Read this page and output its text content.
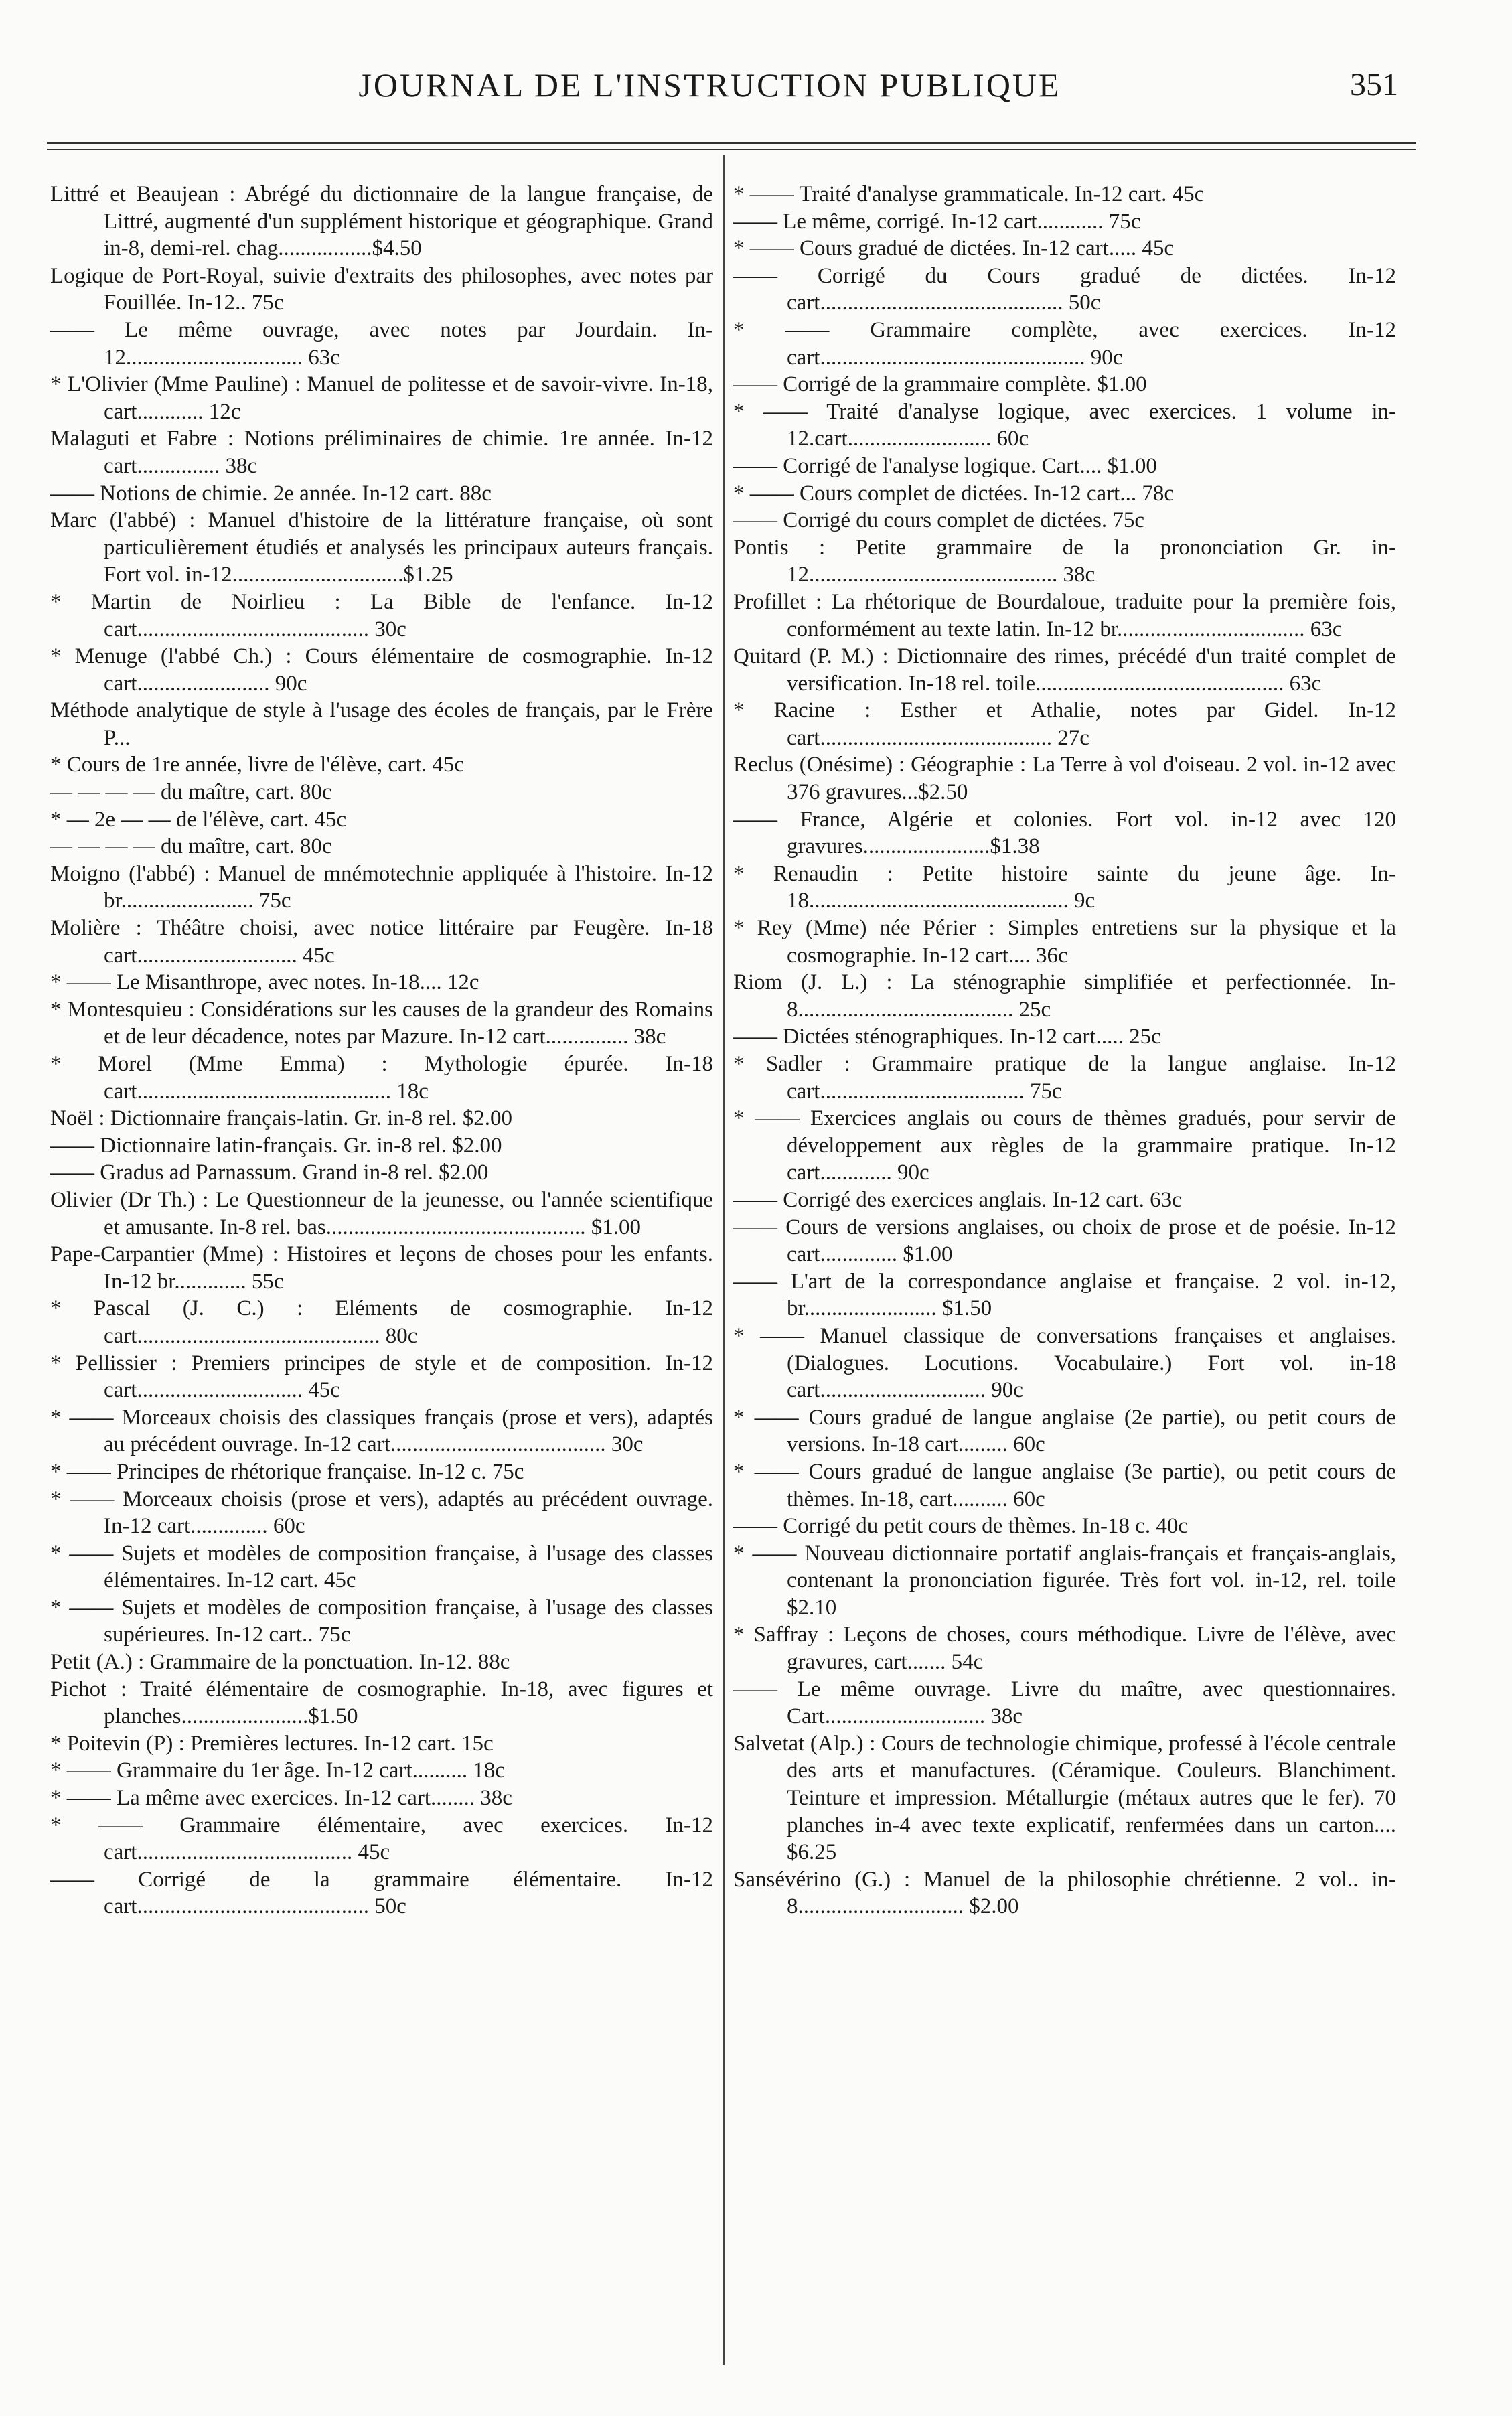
JOURNAL DE L'INSTRUCTION PUBLIQUE	351

Littré et Beaujean : Abrégé du dictionnaire de la langue française, de Littré, augmenté d'un supplément historique et géographique. Grand in-8, demi-rel. chag.................$4.50

Logique de Port-Royal, suivie d'extraits des philosophes, avec notes par Fouillée. In-12.. 75c

—— Le même ouvrage, avec notes par Jourdain. In-12................................ 63c

* L'Olivier (Mme Pauline) : Manuel de politesse et de savoir-vivre. In-18, cart............ 12c

Malaguti et Fabre : Notions préliminaires de chimie. 1re année. In-12 cart............... 38c

—— Notions de chimie. 2e année. In-12 cart. 88c

Marc (l'abbé) : Manuel d'histoire de la littérature française, où sont particulièrement étudiés et analysés les principaux auteurs français. Fort vol. in-12...............................$1.25

* Martin de Noirlieu : La Bible de l'enfance. In-12 cart.......................................... 30c

* Menuge (l'abbé Ch.) : Cours élémentaire de cosmographie. In-12 cart........................ 90c

Méthode analytique de style à l'usage des écoles de français, par le Frère P...

* Cours de 1re année, livre de l'élève, cart. 45c

— — — — du maître, cart. 80c

* — 2e — — de l'élève, cart. 45c

— — — — du maître, cart. 80c

Moigno (l'abbé) : Manuel de mnémotechnie appliquée à l'histoire. In-12 br........................ 75c

Molière : Théâtre choisi, avec notice littéraire par Feugère. In-18 cart............................. 45c

* —— Le Misanthrope, avec notes. In-18.... 12c

* Montesquieu : Considérations sur les causes de la grandeur des Romains et de leur décadence, notes par Mazure. In-12 cart............... 38c

* Morel (Mme Emma) : Mythologie épurée. In-18 cart.............................................. 18c

Noël : Dictionnaire français-latin. Gr. in-8 rel. $2.00

—— Dictionnaire latin-français. Gr. in-8 rel. $2.00

—— Gradus ad Parnassum. Grand in-8 rel. $2.00

Olivier (Dr Th.) : Le Questionneur de la jeunesse, ou l'année scientifique et amusante. In-8 rel. bas............................................... $1.00

Pape-Carpantier (Mme) : Histoires et leçons de choses pour les enfants. In-12 br............. 55c

* Pascal (J. C.) : Eléments de cosmographie. In-12 cart............................................ 80c

* Pellissier : Premiers principes de style et de composition. In-12 cart.............................. 45c

* —— Morceaux choisis des classiques français (prose et vers), adaptés au précédent ouvrage. In-12 cart....................................... 30c

* —— Principes de rhétorique française. In-12 c. 75c

* —— Morceaux choisis (prose et vers), adaptés au précédent ouvrage. In-12 cart.............. 60c

* —— Sujets et modèles de composition française, à l'usage des classes élémentaires. In-12 cart. 45c

* —— Sujets et modèles de composition française, à l'usage des classes supérieures. In-12 cart.. 75c

Petit (A.) : Grammaire de la ponctuation. In-12. 88c

Pichot : Traité élémentaire de cosmographie. In-18, avec figures et planches.......................$1.50

* Poitevin (P) : Premières lectures. In-12 cart. 15c

* —— Grammaire du 1er âge. In-12 cart.......... 18c

* —— La même avec exercices. In-12 cart........ 38c

* —— Grammaire élémentaire, avec exercices. In-12 cart....................................... 45c

—— Corrigé de la grammaire élémentaire. In-12 cart.......................................... 50c

* —— Traité d'analyse grammaticale. In-12 cart. 45c

—— Le même, corrigé. In-12 cart............ 75c

* —— Cours gradué de dictées. In-12 cart..... 45c

—— Corrigé du Cours gradué de dictées. In-12 cart............................................ 50c

* —— Grammaire complète, avec exercices. In-12 cart................................................ 90c

—— Corrigé de la grammaire complète. $1.00

* —— Traité d'analyse logique, avec exercices. 1 volume in-12.cart.......................... 60c

—— Corrigé de l'analyse logique. Cart.... $1.00

* —— Cours complet de dictées. In-12 cart... 78c

—— Corrigé du cours complet de dictées. 75c

Pontis : Petite grammaire de la prononciation Gr. in-12............................................. 38c

Profillet : La rhétorique de Bourdaloue, traduite pour la première fois, conformément au texte latin. In-12 br.................................. 63c

Quitard (P. M.) : Dictionnaire des rimes, précédé d'un traité complet de versification. In-18 rel. toile............................................. 63c

* Racine : Esther et Athalie, notes par Gidel. In-12 cart.......................................... 27c

Reclus (Onésime) : Géographie : La Terre à vol d'oiseau. 2 vol. in-12 avec 376 gravures...$2.50

—— France, Algérie et colonies. Fort vol. in-12 avec 120 gravures.......................$1.38

* Renaudin : Petite histoire sainte du jeune âge. In-18............................................... 9c

* Rey (Mme) née Périer : Simples entretiens sur la physique et la cosmographie. In-12 cart.... 36c

Riom (J. L.) : La sténographie simplifiée et perfectionnée. In-8....................................... 25c

—— Dictées sténographiques. In-12 cart..... 25c

* Sadler : Grammaire pratique de la langue anglaise. In-12 cart..................................... 75c

* —— Exercices anglais ou cours de thèmes gradués, pour servir de développement aux règles de la grammaire pratique. In-12 cart............. 90c

—— Corrigé des exercices anglais. In-12 cart. 63c

—— Cours de versions anglaises, ou choix de prose et de poésie. In-12 cart.............. $1.00

—— L'art de la correspondance anglaise et française. 2 vol. in-12, br........................ $1.50

* —— Manuel classique de conversations françaises et anglaises. (Dialogues. Locutions. Vocabulaire.) Fort vol. in-18 cart.............................. 90c

* —— Cours gradué de langue anglaise (2e partie), ou petit cours de versions. In-18 cart......... 60c

* —— Cours gradué de langue anglaise (3e partie), ou petit cours de thèmes. In-18, cart.......... 60c

—— Corrigé du petit cours de thèmes. In-18 c. 40c

* —— Nouveau dictionnaire portatif anglais-français et français-anglais, contenant la prononciation figurée. Très fort vol. in-12, rel. toile $2.10

* Saffray : Leçons de choses, cours méthodique. Livre de l'élève, avec gravures, cart....... 54c

—— Le même ouvrage. Livre du maître, avec questionnaires. Cart............................. 38c

Salvetat (Alp.) : Cours de technologie chimique, professé à l'école centrale des arts et manufactures. (Céramique. Couleurs. Blanchiment. Teinture et impression. Métallurgie (métaux autres que le fer). 70 planches in-4 avec texte explicatif, renfermées dans un carton.... $6.25

Sansévérino (G.) : Manuel de la philosophie chrétienne. 2 vol.. in-8.............................. $2.00
